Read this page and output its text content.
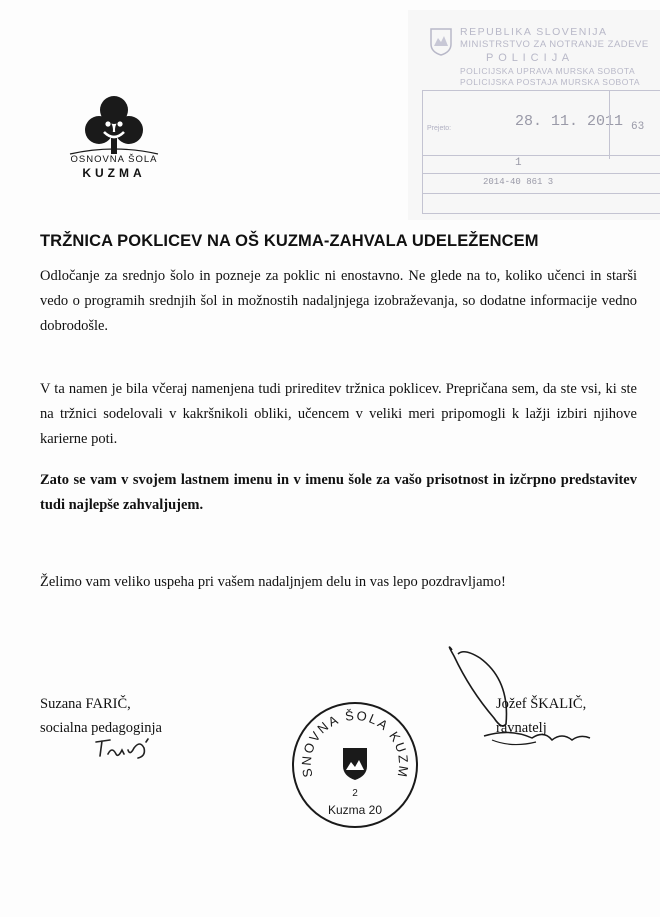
OSNOVNA ŠOLA
KUZMA
REPUBLIKA SLOVENIJA
MINISTRSTVO ZA NOTRANJE ZADEVE
P O L I C I J A
POLICIJSKA UPRAVA MURSKA SOBOTA
POLICIJSKA POSTAJA MURSKA SOBOTA
Prejeto:	28. 11. 2011 63
1
2014-40 861 3
TRŽNICA POKLICEV NA OŠ KUZMA-ZAHVALA UDELEŽENCEM
Odločanje za srednjo šolo in pozneje za poklic ni enostavno. Ne glede na to, koliko učenci in starši vedo o programih srednjih šol in možnostih nadaljnjega izobraževanja, so dodatne informacije vedno dobrodošle.
V ta namen je bila včeraj namenjena tudi prireditev tržnica poklicev. Prepričana sem, da ste vsi, ki ste na tržnici sodelovali v kakršnikoli obliki, učencem v veliki meri pripomogli k lažji izbiri njihove karierne poti.
Zato se vam v svojem lastnem imenu in v imenu šole za vašo prisotnost in izčrpno predstavitev tudi najlepše zahvaljujem.
Želimo vam veliko uspeha pri vašem nadaljnjem delu in vas lepo pozdravljamo!
Suzana FARIČ,
socialna pedagoginja
Jožef ŠKALIČ,
ravnatelj
SNOVNA ŠOLA KUZM
2
Kuzma 20
